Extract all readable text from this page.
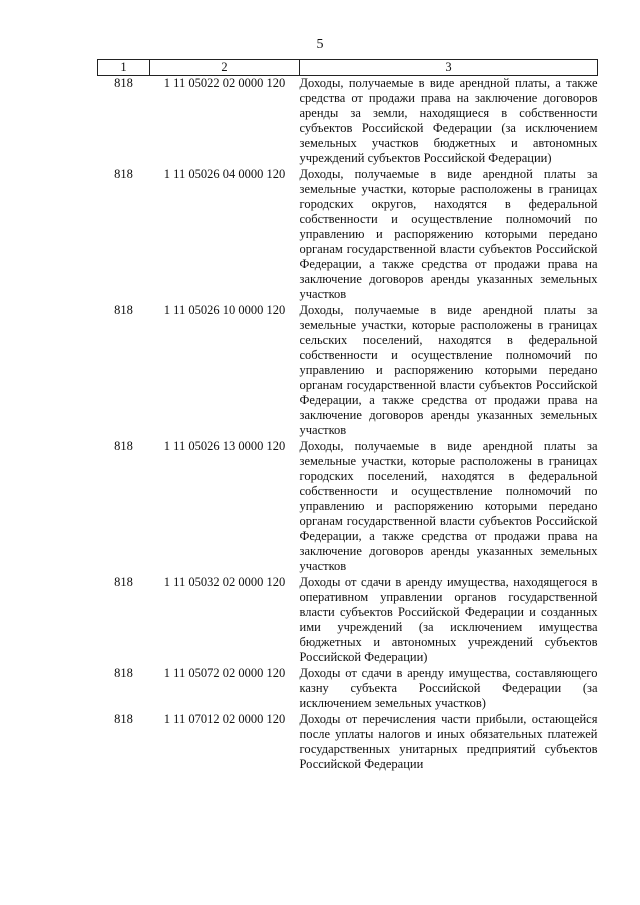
5
1	2	3
818	1 11 05022 02 0000 120	Доходы, получаемые в виде арендной платы, а также средства от продажи права на заключение договоров аренды за земли, находящиеся в собственности субъектов Российской Федерации (за исключением земельных участков бюджетных и автономных учреждений субъектов Российской Федерации)
818	1 11 05026 04 0000 120	Доходы, получаемые в виде арендной платы за земельные участки, которые расположены в границах городских округов, находятся в федеральной собственности и осуществление полномочий по управлению и распоряжению которыми передано органам государственной власти субъектов Российской Федерации, а также средства от продажи права на заключение договоров аренды указанных земельных участков
818	1 11 05026 10 0000 120	Доходы, получаемые в виде арендной платы за земельные участки, которые расположены в границах сельских поселений, находятся в федеральной собственности и осуществление полномочий по управлению и распоряжению которыми передано органам государственной власти субъектов Российской Федерации, а также средства от продажи права на заключение договоров аренды указанных земельных участков
818	1 11 05026 13 0000 120	Доходы, получаемые в виде арендной платы за земельные участки, которые расположены в границах городских поселений, находятся в федеральной собственности и осуществление полномочий по управлению и распоряжению которыми передано органам государственной власти субъектов Российской Федерации, а также средства от продажи права на заключение договоров аренды указанных земельных участков
818	1 11 05032 02 0000 120	Доходы от сдачи в аренду имущества, находящегося в оперативном управлении органов государственной власти субъектов Российской Федерации и созданных ими учреждений (за исключением имущества бюджетных и автономных учреждений субъектов Российской Федерации)
818	1 11 05072 02 0000 120	Доходы от сдачи в аренду имущества, составляющего казну субъекта Российской Федерации (за исключением земельных участков)
818	1 11 07012 02 0000 120	Доходы от перечисления части прибыли, остающейся после уплаты налогов и иных обязательных платежей государственных унитарных предприятий субъектов Российской Федерации
